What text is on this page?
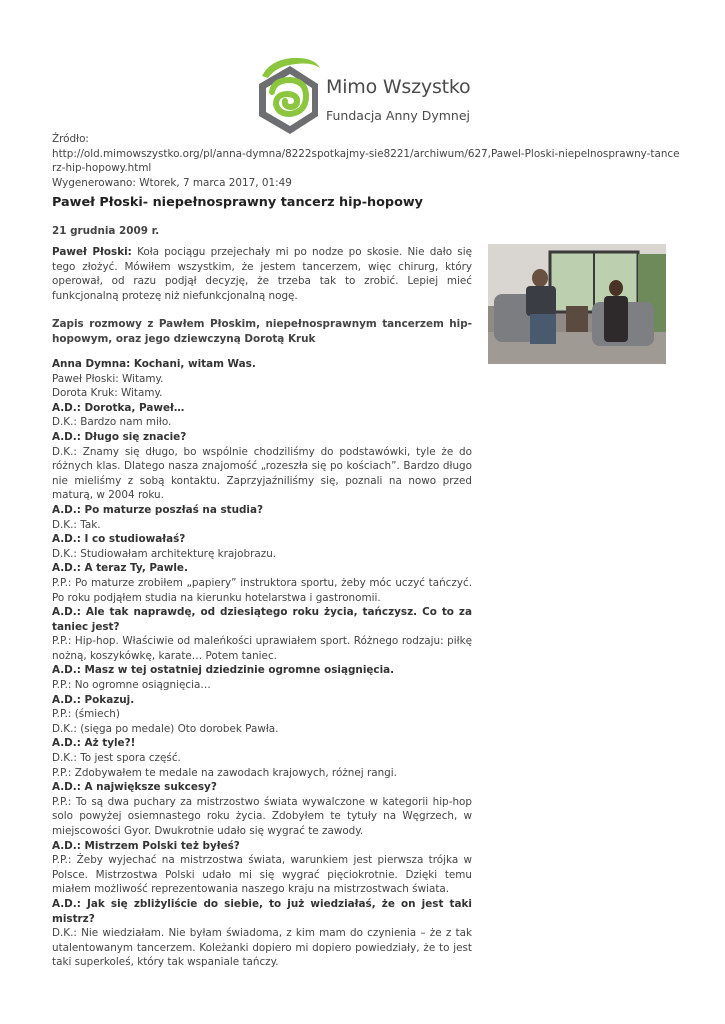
Mimo Wszystko
Fundacja Anny Dymnej
Źródło:
http://old.mimowszystko.org/pl/anna-dymna/8222spotkajmy-sie8221/archiwum/627,Pawel-Ploski-niepelnosprawny-tance
rz-hip-hopowy.html
Wygenerowano: Wtorek, 7 marca 2017, 01:49
Paweł Płoski- niepełnosprawny tancerz hip-hopowy
21 grudnia 2009 r.
Paweł Płoski: Koła pociągu przejechały mi po nodze po skosie. Nie dało się tego złożyć. Mówiłem wszystkim, że jestem tancerzem, więc chirurg, który operował, od razu podjął decyzję, że trzeba tak to zrobić. Lepiej mieć funkcjonalną protezę niż niefunkcjonalną nogę.
Zapis rozmowy z Pawłem Płoskim, niepełnosprawnym tancerzem hip-hopowym, oraz jego dziewczyną Dorotą Kruk

Anna Dymna: Kochani, witam Was.

Paweł Płoski: Witamy.

Dorota Kruk: Witamy.

A.D.: Dorotka, Paweł…

D.K.: Bardzo nam miło.

A.D.: Długo się znacie?

D.K.: Znamy się długo, bo wspólnie chodziliśmy do podstawówki, tyle że do różnych klas. Dlatego nasza znajomość „rozeszła się po kościach”. Bardzo długo nie mieliśmy z sobą kontaktu. Zaprzyjaźniliśmy się, poznali na nowo przed maturą, w 2004 roku.

A.D.: Po maturze poszłaś na studia?

D.K.: Tak.

A.D.: I co studiowałaś?

D.K.: Studiowałam architekturę krajobrazu.

A.D.: A teraz Ty, Pawle.

P.P.: Po maturze zrobiłem „papiery” instruktora sportu, żeby móc uczyć tańczyć. Po roku podjąłem studia na kierunku hotelarstwa i gastronomii.

A.D.: Ale tak naprawdę, od dziesiątego roku życia, tańczysz. Co to za taniec jest?

P.P.: Hip-hop. Właściwie od maleńkości uprawiałem sport. Różnego rodzaju: piłkę nożną, koszykówkę, karate… Potem taniec.

A.D.: Masz w tej ostatniej dziedzinie ogromne osiągnięcia.

P.P.: No ogromne osiągnięcia…

A.D.: Pokazuj.

P.P.: (śmiech)

D.K.: (sięga po medale) Oto dorobek Pawła.

A.D.: Aż tyle?!

D.K.: To jest spora część.

P.P.: Zdobywałem te medale na zawodach krajowych, różnej rangi.

A.D.: A największe sukcesy?

P.P.: To są dwa puchary za mistrzostwo świata wywalczone w kategorii hip-hop solo powyżej osiemnastego roku życia. Zdobyłem te tytuły na Węgrzech, w miejscowości Gyor. Dwukrotnie udało się wygrać te zawody.

A.D.: Mistrzem Polski też byłeś?

P.P.: Żeby wyjechać na mistrzostwa świata, warunkiem jest pierwsza trójka w Polsce. Mistrzostwa Polski udało mi się wygrać pięciokrotnie. Dzięki temu miałem możliwość reprezentowania naszego kraju na mistrzostwach świata.

A.D.: Jak się zbliżyliście do siebie, to już wiedziałaś, że on jest taki mistrz?

D.K.: Nie wiedziałam. Nie byłam świadoma, z kim mam do czynienia – że z tak utalentowanym tancerzem. Koleżanki dopiero mi dopiero powiedziały, że to jest taki superkoleś, który tak wspaniale tańczy.
